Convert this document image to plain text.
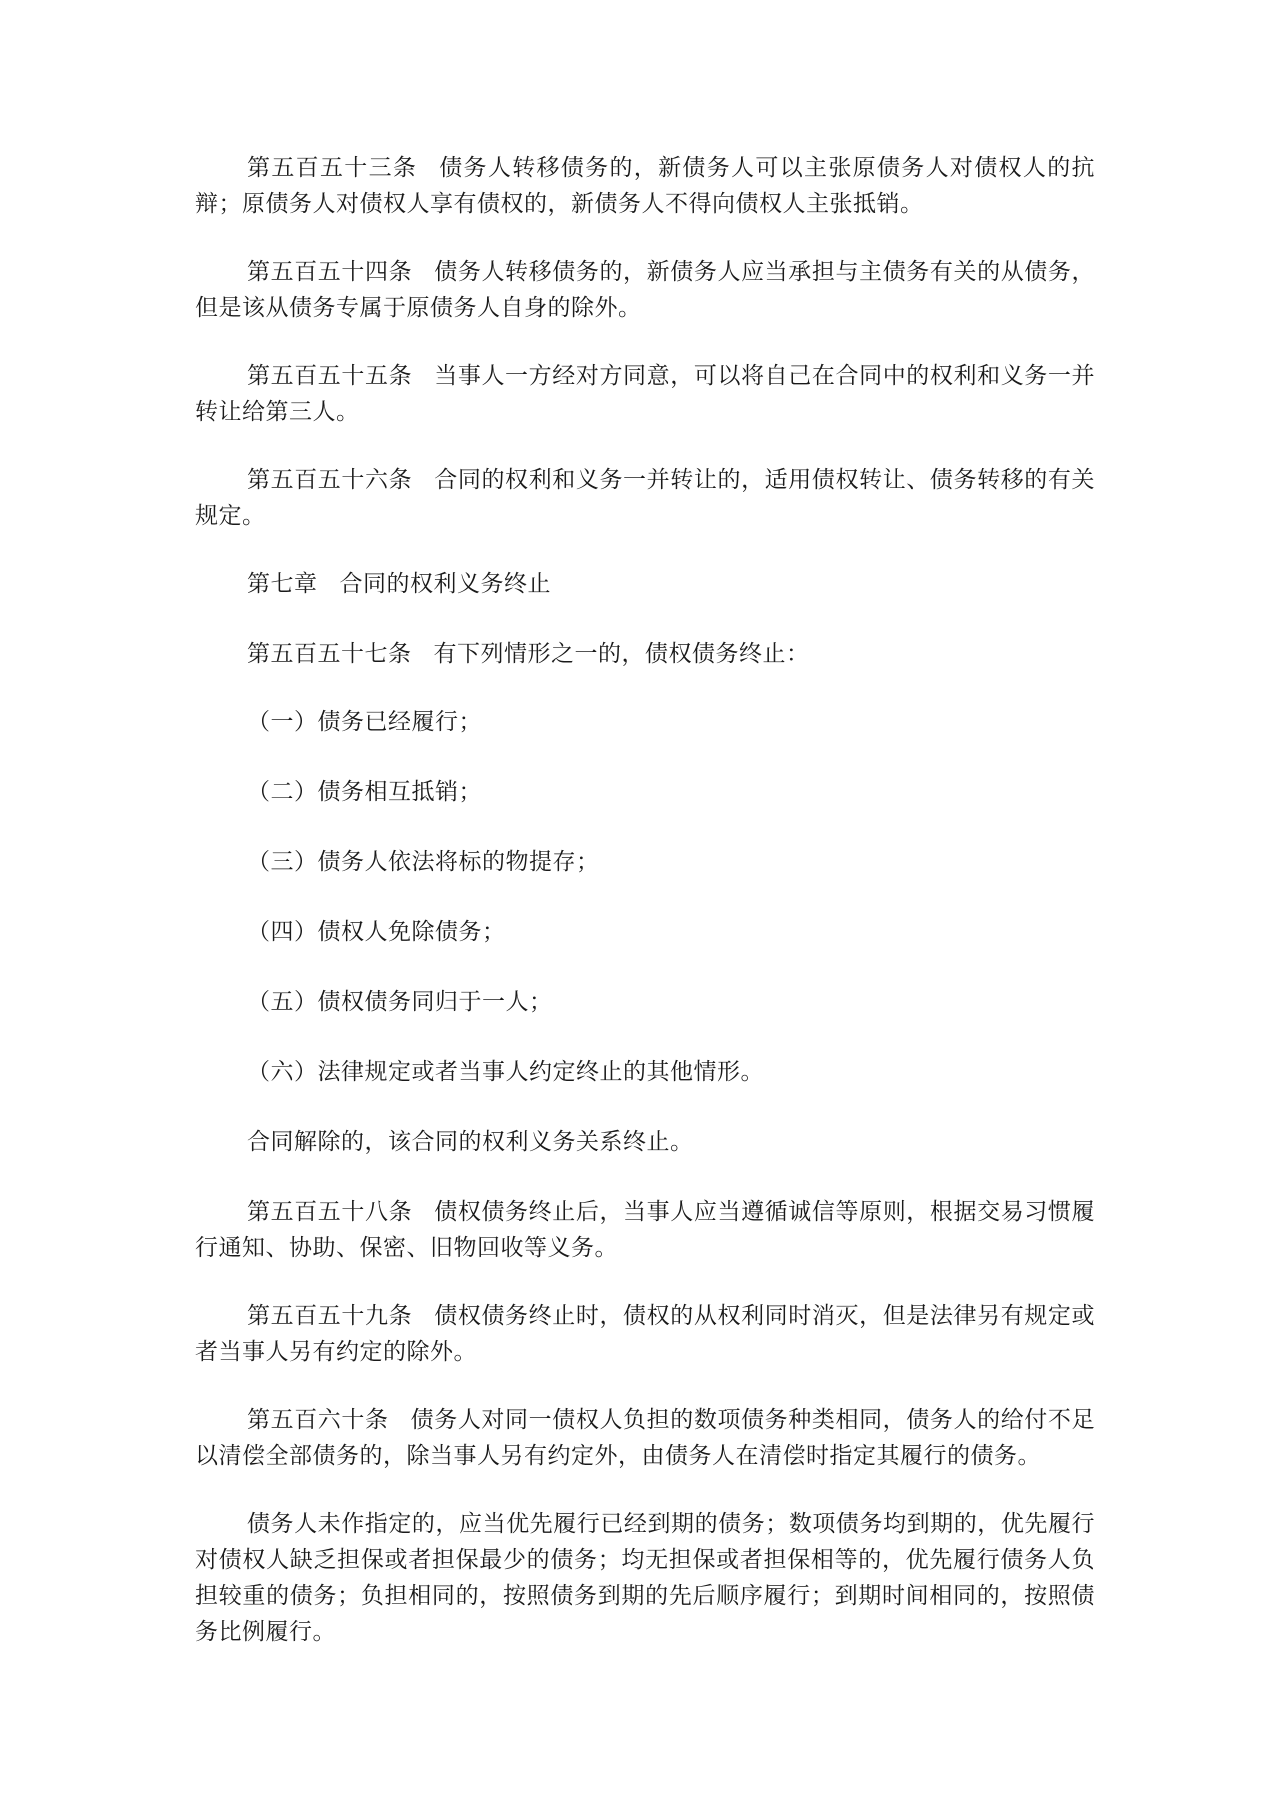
第五百五十三条 债务人转移债务的，新债务人可以主张原债务人对债权人的抗辩；原债务人对债权人享有债权的，新债务人不得向债权人主张抵销。

第五百五十四条 债务人转移债务的，新债务人应当承担与主债务有关的从债务，但是该从债务专属于原债务人自身的除外。

第五百五十五条 当事人一方经对方同意，可以将自己在合同中的权利和义务一并转让给第三人。

第五百五十六条 合同的权利和义务一并转让的，适用债权转让、债务转移的有关规定。

第七章 合同的权利义务终止

第五百五十七条 有下列情形之一的，债权债务终止：

（一）债务已经履行；

（二）债务相互抵销；

（三）债务人依法将标的物提存；

（四）债权人免除债务；

（五）债权债务同归于一人；

（六）法律规定或者当事人约定终止的其他情形。

合同解除的，该合同的权利义务关系终止。

第五百五十八条 债权债务终止后，当事人应当遵循诚信等原则，根据交易习惯履行通知、协助、保密、旧物回收等义务。

第五百五十九条 债权债务终止时，债权的从权利同时消灭，但是法律另有规定或者当事人另有约定的除外。

第五百六十条 债务人对同一债权人负担的数项债务种类相同，债务人的给付不足以清偿全部债务的，除当事人另有约定外，由债务人在清偿时指定其履行的债务。

债务人未作指定的，应当优先履行已经到期的债务；数项债务均到期的，优先履行对债权人缺乏担保或者担保最少的债务；均无担保或者担保相等的，优先履行债务人负担较重的债务；负担相同的，按照债务到期的先后顺序履行；到期时间相同的，按照债务比例履行。
